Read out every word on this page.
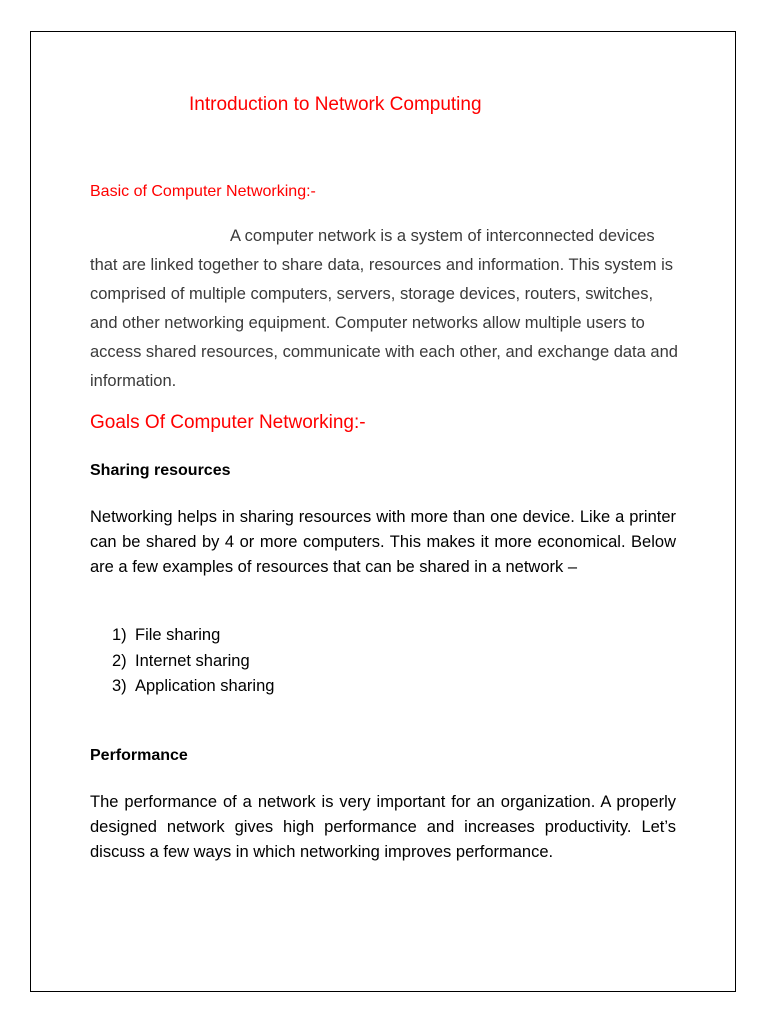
Introduction to Network Computing
Basic of Computer Networking:-

A computer network is a system of interconnected devices that are linked together to share data, resources and information. This system is comprised of multiple computers, servers, storage devices, routers, switches, and other networking equipment. Computer networks allow multiple users to access shared resources, communicate with each other, and exchange data and information.

Goals Of Computer Networking:-
Sharing resources

Networking helps in sharing resources with more than one device. Like a printer can be shared by 4 or more computers. This makes it more economical. Below are a few examples of resources that can be shared in a network –

1) File sharing
2) Internet sharing
3) Application sharing
Performance

The performance of a network is very important for an organization. A properly designed network gives high performance and increases productivity. Let’s discuss a few ways in which networking improves performance.
